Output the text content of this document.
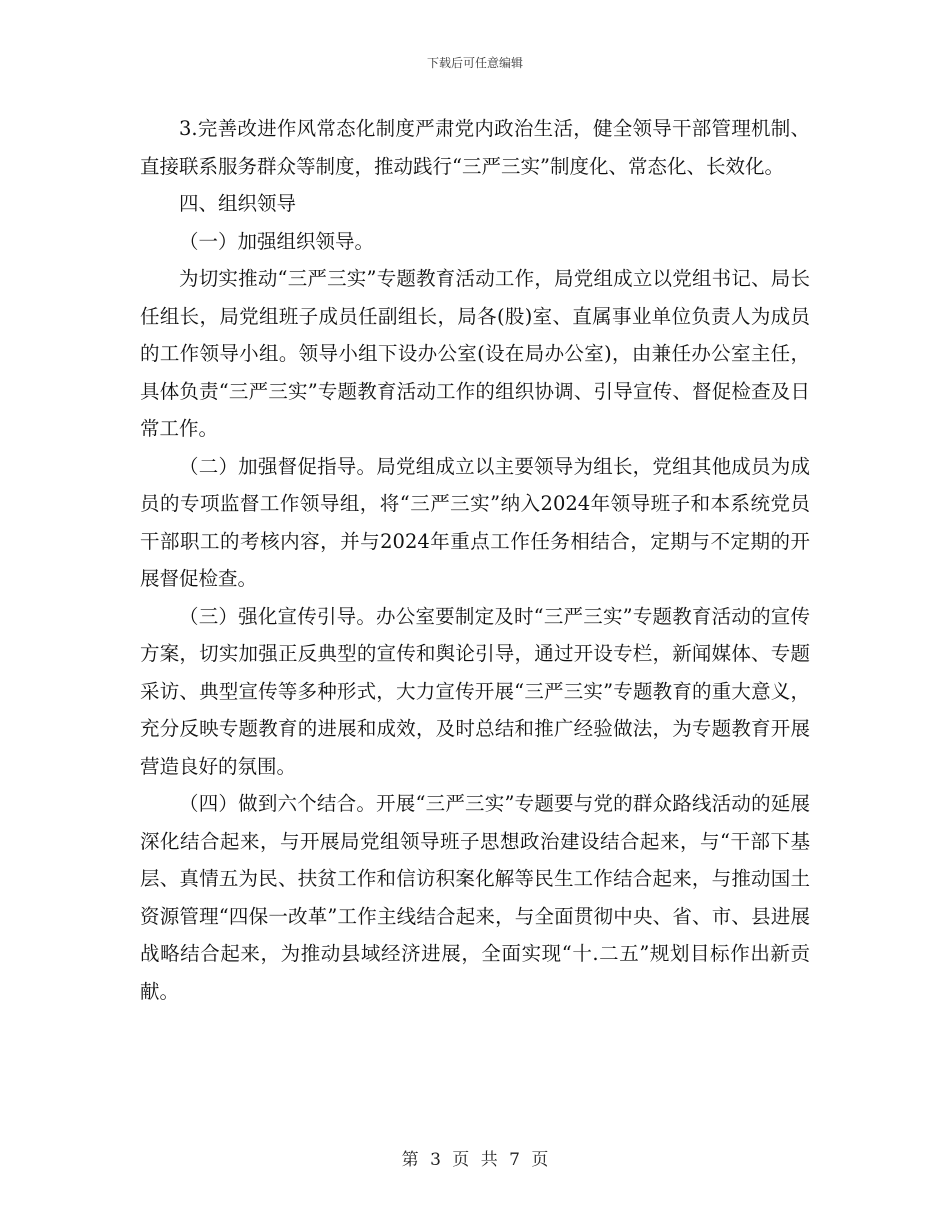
下载后可任意编辑

3.完善改进作风常态化制度严肃党内政治生活，健全领导干部管理机制、直接联系服务群众等制度，推动践行“三严三实”制度化、常态化、长效化。

四、组织领导

（一）加强组织领导。

为切实推动“三严三实”专题教育活动工作，局党组成立以党组书记、局长任组长，局党组班子成员任副组长，局各(股)室、直属事业单位负责人为成员的工作领导小组。领导小组下设办公室(设在局办公室)，由兼任办公室主任，具体负责“三严三实”专题教育活动工作的组织协调、引导宣传、督促检查及日常工作。

（二）加强督促指导。局党组成立以主要领导为组长，党组其他成员为成员的专项监督工作领导组，将“三严三实”纳入2024年领导班子和本系统党员干部职工的考核内容，并与2024年重点工作任务相结合，定期与不定期的开展督促检查。

（三）强化宣传引导。办公室要制定及时“三严三实”专题教育活动的宣传方案，切实加强正反典型的宣传和舆论引导，通过开设专栏，新闻媒体、专题采访、典型宣传等多种形式，大力宣传开展“三严三实”专题教育的重大意义，充分反映专题教育的进展和成效，及时总结和推广经验做法，为专题教育开展营造良好的氛围。

（四）做到六个结合。开展“三严三实”专题要与党的群众路线活动的延展深化结合起来，与开展局党组领导班子思想政治建设结合起来，与“干部下基层、真情五为民、扶贫工作和信访积案化解等民生工作结合起来，与推动国土资源管理“四保一改革”工作主线结合起来，与全面贯彻中央、省、市、县进展战略结合起来，为推动县域经济进展，全面实现“十.二五”规划目标作出新贡献。

第 3 页 共 7 页
